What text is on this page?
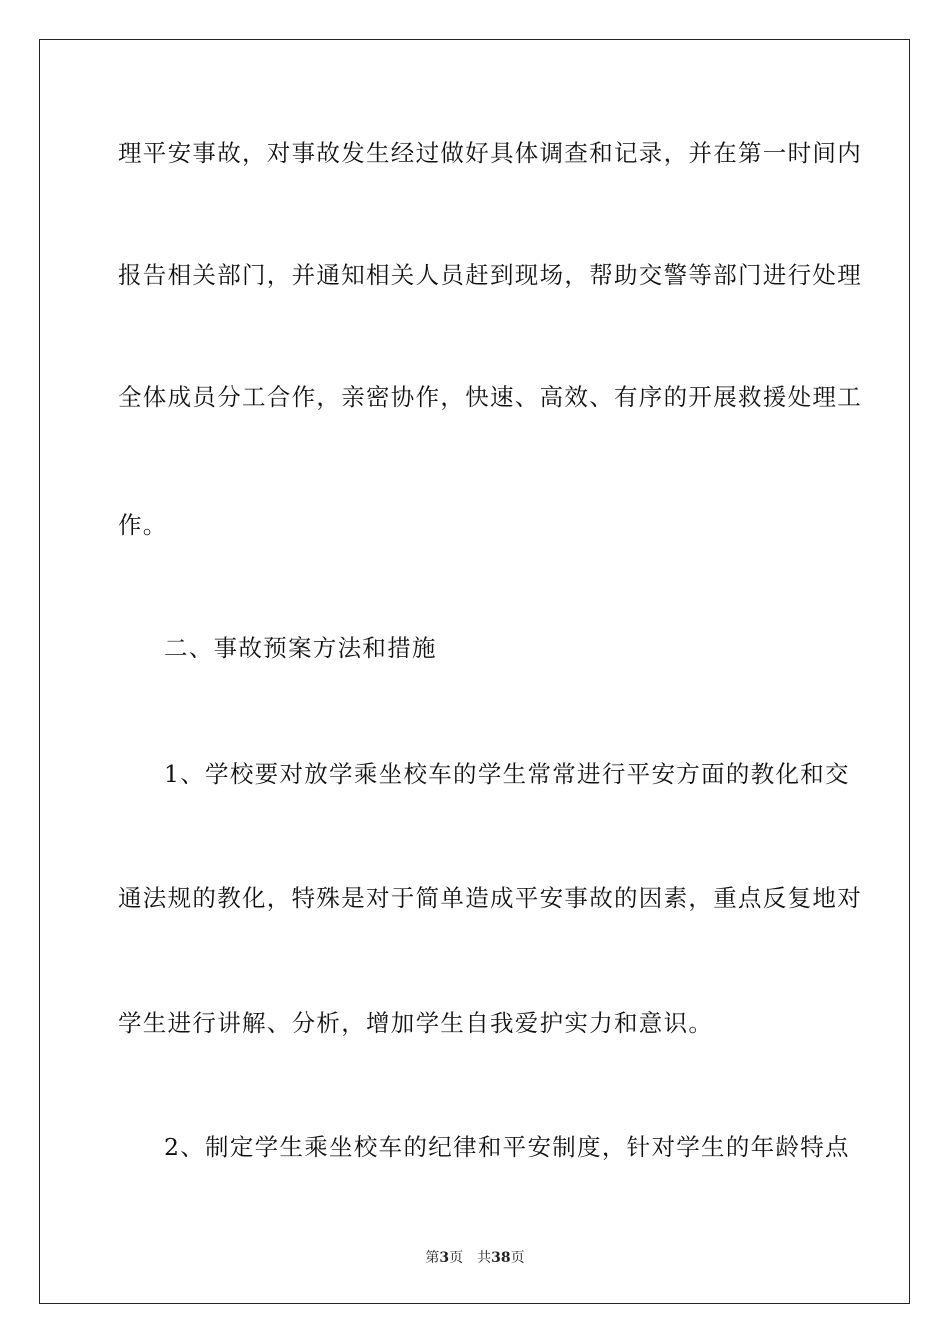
理平安事故，对事故发生经过做好具体调查和记录，并在第一时间内
报告相关部门，并通知相关人员赶到现场，帮助交警等部门进行处理
全体成员分工合作，亲密协作，快速、高效、有序的开展救援处理工
作。
二、事故预案方法和措施
1、学校要对放学乘坐校车的学生常常进行平安方面的教化和交
通法规的教化，特殊是对于简单造成平安事故的因素，重点反复地对
学生进行讲解、分析，增加学生自我爱护实力和意识。
2、制定学生乘坐校车的纪律和平安制度，针对学生的年龄特点
第3页 共38页
